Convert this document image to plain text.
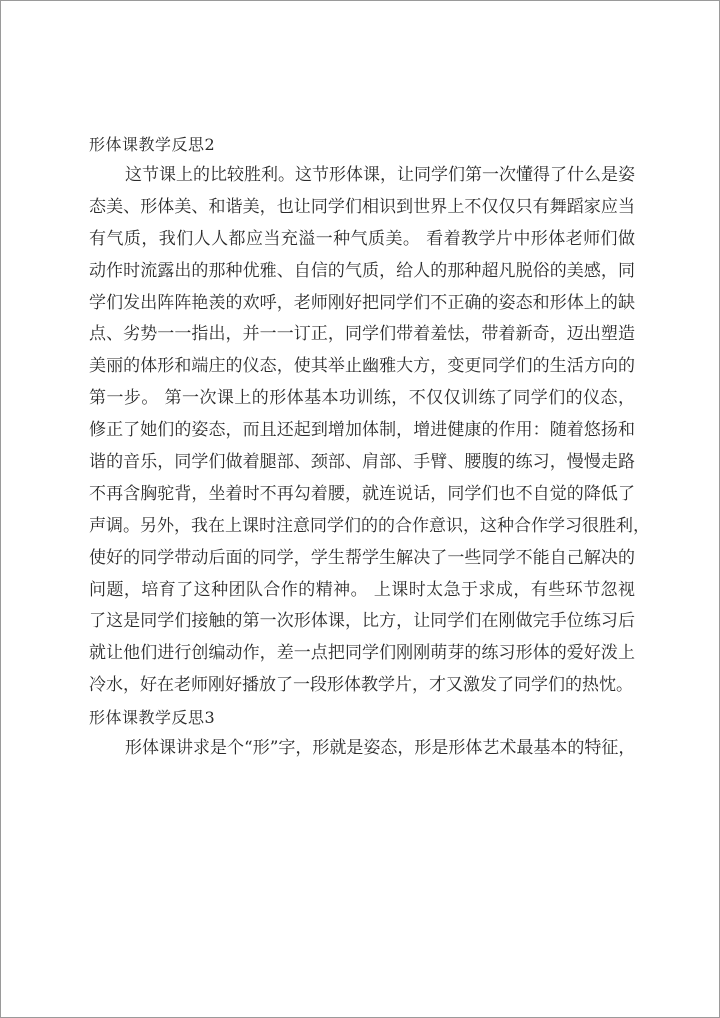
形体课教学反思2
这节课上的比较胜利。这节形体课，让同学们第一次懂得了什么是姿
态美、形体美、和谐美，也让同学们相识到世界上不仅仅只有舞蹈家应当
有气质，我们人人都应当充溢一种气质美。 看着教学片中形体老师们做
动作时流露出的那种优雅、自信的气质，给人的那种超凡脱俗的美感，同
学们发出阵阵艳羡的欢呼，老师刚好把同学们不正确的姿态和形体上的缺
点、劣势一一指出，并一一订正，同学们带着羞怯，带着新奇，迈出塑造
美丽的体形和端庄的仪态，使其举止幽雅大方，变更同学们的生活方向的
第一步。 第一次课上的形体基本功训练，不仅仅训练了同学们的仪态，
修正了她们的姿态，而且还起到增加体制，增进健康的作用：随着悠扬和
谐的音乐，同学们做着腿部、颈部、肩部、手臂、腰腹的练习，慢慢走路
不再含胸驼背，坐着时不再勾着腰，就连说话，同学们也不自觉的降低了
声调。另外，我在上课时注意同学们的的合作意识，这种合作学习很胜利，
使好的同学带动后面的同学，学生帮学生解决了一些同学不能自己解决的
问题，培育了这种团队合作的精神。 上课时太急于求成，有些环节忽视
了这是同学们接触的第一次形体课，比方，让同学们在刚做完手位练习后
就让他们进行创编动作，差一点把同学们刚刚萌芽的练习形体的爱好泼上
冷水，好在老师刚好播放了一段形体教学片，才又激发了同学们的热忱。
形体课教学反思3
形体课讲求是个“形”字，形就是姿态，形是形体艺术最基本的特征，
